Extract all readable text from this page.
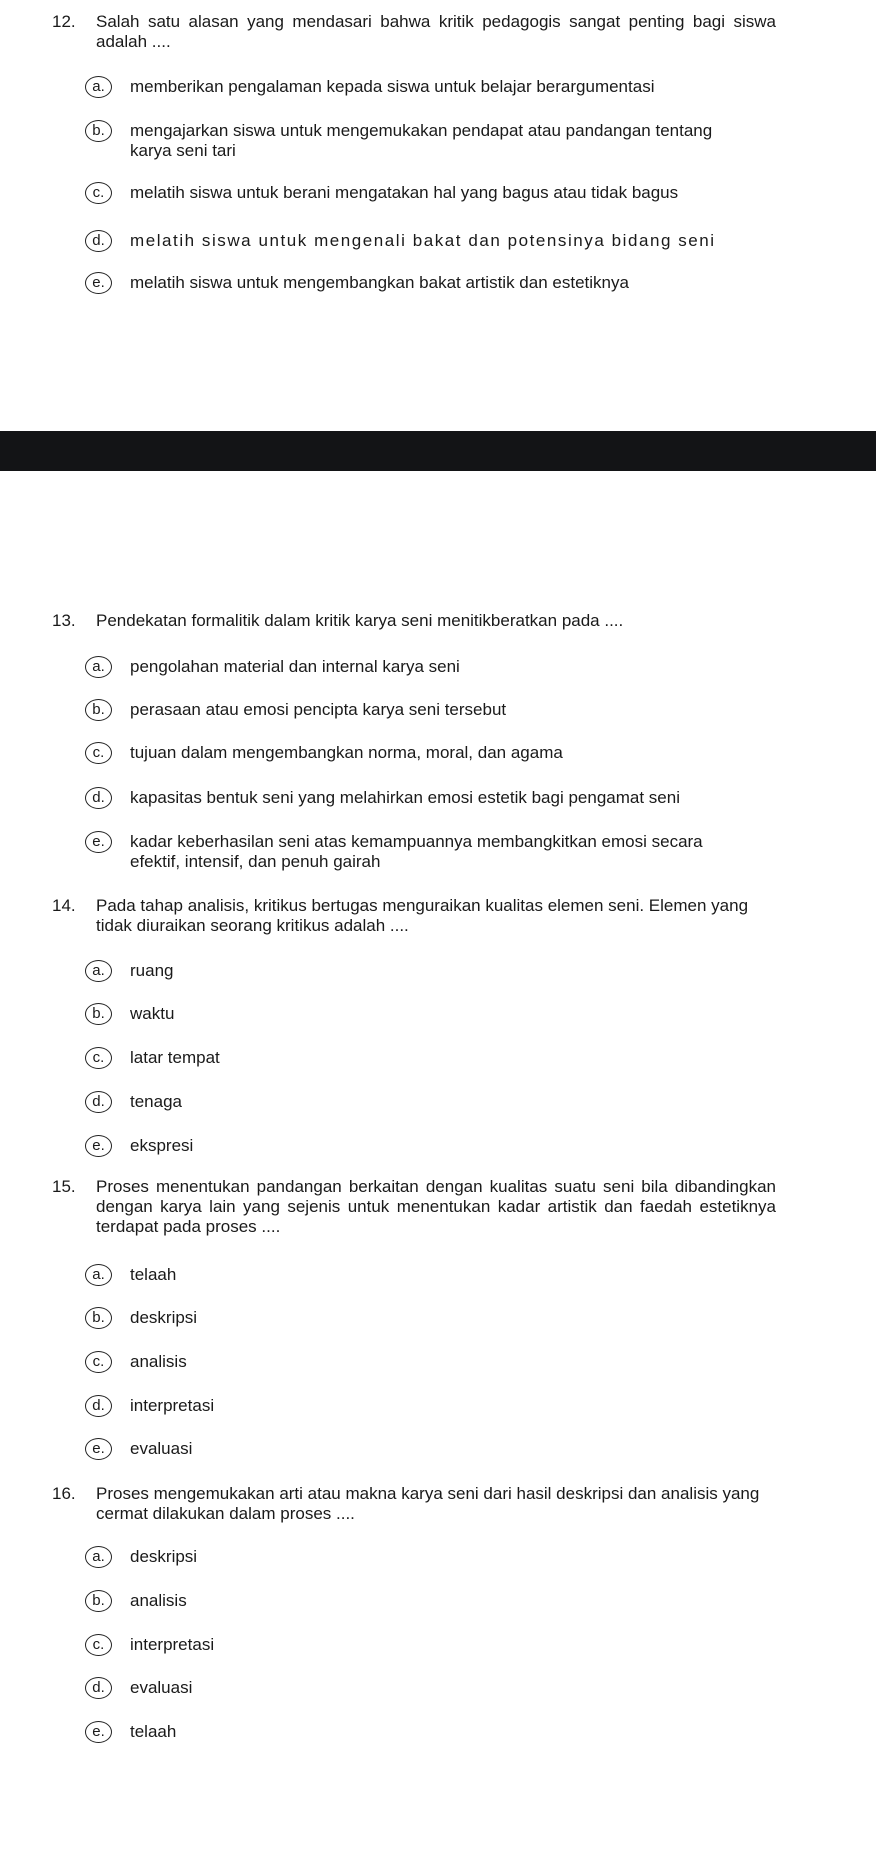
12. Salah satu alasan yang mendasari bahwa kritik pedagogis sangat penting bagi siswa adalah ....
a.	memberikan pengalaman kepada siswa untuk belajar berargumentasi
b.	mengajarkan siswa untuk mengemukakan pendapat atau pandangan tentang karya seni tari
c.	melatih siswa untuk berani mengatakan hal yang bagus atau tidak bagus
d.	melatih siswa untuk mengenali bakat dan potensinya bidang seni
e.	melatih siswa untuk mengembangkan bakat artistik dan estetiknya
13. Pendekatan formalitik dalam kritik karya seni menitikberatkan pada ....
a.	pengolahan material dan internal karya seni
b.	perasaan atau emosi pencipta karya seni tersebut
c.	tujuan dalam mengembangkan norma, moral, dan agama
d.	kapasitas bentuk seni yang melahirkan emosi estetik bagi pengamat seni
e.	kadar keberhasilan seni atas kemampuannya membangkitkan emosi secara efektif, intensif, dan penuh gairah
14. Pada tahap analisis, kritikus bertugas menguraikan kualitas elemen seni. Elemen yang tidak diuraikan seorang kritikus adalah ....
a.	ruang
b.	waktu
c.	latar tempat
d.	tenaga
e.	ekspresi
15. Proses menentukan pandangan berkaitan dengan kualitas suatu seni bila dibandingkan dengan karya lain yang sejenis untuk menentukan kadar artistik dan faedah estetiknya terdapat pada proses ....
a.	telaah
b.	deskripsi
c.	analisis
d.	interpretasi
e.	evaluasi
16. Proses mengemukakan arti atau makna karya seni dari hasil deskripsi dan analisis yang cermat dilakukan dalam proses ....
a.	deskripsi
b.	analisis
c.	interpretasi
d.	evaluasi
e.	telaah
